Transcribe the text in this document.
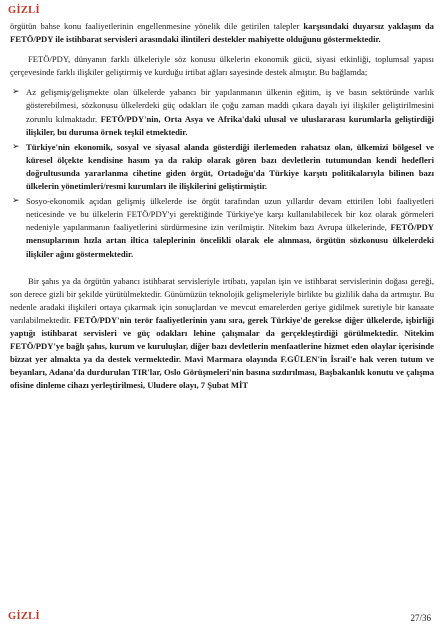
GİZLİ

örgütün bahse konu faaliyetlerinin engellenmesine yönelik dile getirilen talepler karşısındaki duyarsız yaklaşım da FETÖ/PDY ile istihbarat servisleri arasındaki ilintileri destekler mahiyette olduğunu göstermektedir.

FETÖ/PDY, dünyanın farklı ülkeleriyle söz konusu ülkelerin ekonomik gücü, siyasi etkinliği, toplumsal yapısı çerçevesinde farklı ilişkiler geliştirmiş ve kurduğu irtibat ağları sayesinde destek almıştır. Bu bağlamda;

➢ Az gelişmiş/gelişmekte olan ülkelerde yabancı bir yapılanmanın ülkenin eğitim, iş ve basın sektöründe varlık gösterebilmesi, sözkonusu ülkelerdeki güç odakları ile çoğu zaman maddi çıkara dayalı iyi ilişkiler geliştirilmesini zorunlu kılmaktadır. FETÖ/PDY'nin, Orta Asya ve Afrika'daki ulusal ve uluslararası kurumlarla geliştirdiği ilişkiler, bu duruma örnek teşkil etmektedir.
➢ Türkiye'nin ekonomik, sosyal ve siyasal alanda gösterdiği ilerlemeden rahatsız olan, ülkemizi bölgesel ve küresel ölçekte kendisine hasım ya da rakip olarak gören bazı devletlerin tutumundan kendi hedefleri doğrultusunda yararlanma cihetine giden örgüt, Ortadoğu'da Türkiye karşıtı politikalarıyla bilinen bazı ülkelerin yönetimleri/resmi kurumları ile ilişkilerini geliştirmiştir.
➢ Sosyo-ekonomik açıdan gelişmiş ülkelerde ise örgüt tarafından uzun yıllardır devam ettirilen lobi faaliyetleri neticesinde ve bu ülkelerin FETÖ/PDY'yi gerektiğinde Türkiye'ye karşı kullanılabilecek bir koz olarak görmeleri nedeniyle yapılanmanın faaliyetlerini sürdürmesine izin verilmiştir. Nitekim bazı Avrupa ülkelerinde, FETÖ/PDY mensuplarının hızla artan iltica taleplerinin öncelikli olarak ele alınması, örgütün sözkonusu ülkelerdeki ilişkiler ağını göstermektedir.

Bir şahıs ya da örgütün yabancı istihbarat servisleriyle irtibatı, yapılan işin ve istihbarat servislerinin doğası gereği, son derece gizli bir şekilde yürütülmektedir. Günümüzün teknolojik gelişmeleriyle birlikte bu gizlilik daha da artmıştır. Bu nedenle aradaki ilişkileri ortaya çıkarmak için sonuçlardan ve mevcut emarelerden geriye gidilmek suretiyle bir kanaate varılabilmektedir. FETÖ/PDY'nin terör faaliyetlerinin yanı sıra, gerek Türkiye'de gerekse diğer ülkelerde, işbirliği yaptığı istihbarat servisleri ve güç odakları lehine çalışmalar da gerçekleştirdiği görülmektedir. Nitekim FETÖ/PDY'ye bağlı şahıs, kurum ve kuruluşlar, diğer bazı devletlerin menfaatlerine hizmet eden olaylar içerisinde bizzat yer almakta ya da destek vermektedir. Mavi Marmara olayında F.GÜLEN'in İsrail'e hak veren tutum ve beyanları, Adana'da durdurulan TIR'lar, Oslo Görüşmeleri'nin basına sızdırılması, Başbakanlık konutu ve çalışma ofisine dinleme cihazı yerleştirilmesi, Uludere olayı, 7 Şubat MİT

GİZLİ	27/36
